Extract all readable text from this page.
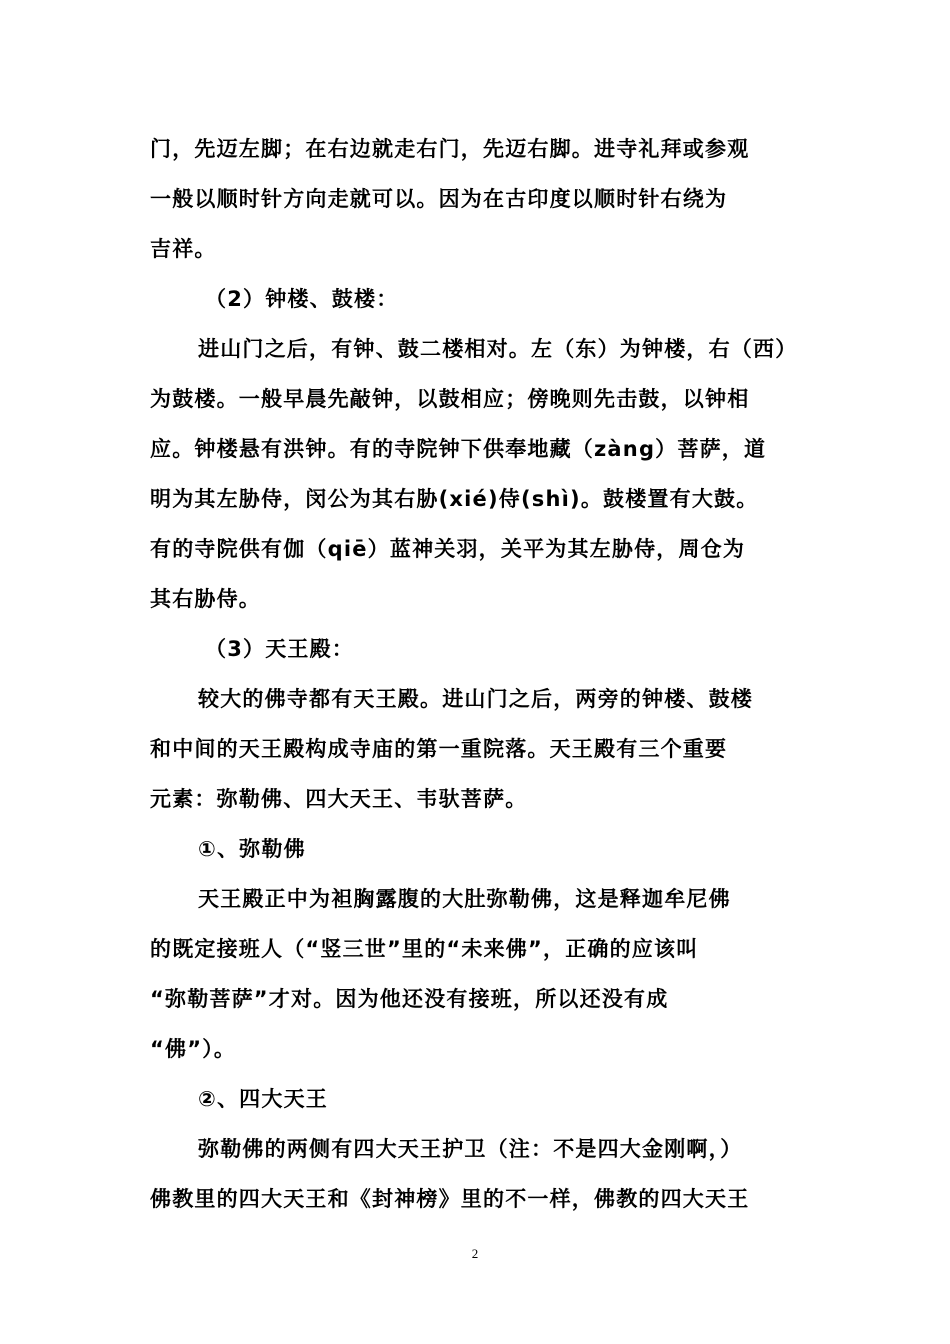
门，先迈左脚；在右边就走右门，先迈右脚。进寺礼拜或参观
一般以顺时针方向走就可以。因为在古印度以顺时针右绕为
吉祥。
（2）钟楼、鼓楼：
进山门之后，有钟、鼓二楼相对。左（东）为钟楼，右（西）
为鼓楼。一般早晨先敲钟，以鼓相应；傍晚则先击鼓，以钟相
应。钟楼悬有洪钟。有的寺院钟下供奉地藏（zàng）菩萨，道
明为其左胁侍，闵公为其右胁(xié)侍(shì)。鼓楼置有大鼓。
有的寺院供有伽（qiē）蓝神关羽，关平为其左胁侍，周仓为
其右胁侍。
（3）天王殿：
较大的佛寺都有天王殿。进山门之后，两旁的钟楼、鼓楼
和中间的天王殿构成寺庙的第一重院落。天王殿有三个重要
元素：弥勒佛、四大天王、韦驮菩萨。
①、弥勒佛
天王殿正中为袒胸露腹的大肚弥勒佛，这是释迦牟尼佛
的既定接班人（“竖三世”里的“未来佛”，正确的应该叫
“弥勒菩萨”才对。因为他还没有接班，所以还没有成
“佛”）。
②、四大天王
弥勒佛的两侧有四大天王护卫（注：不是四大金刚啊，）
佛教里的四大天王和《封神榜》里的不一样，佛教的四大天王
2
